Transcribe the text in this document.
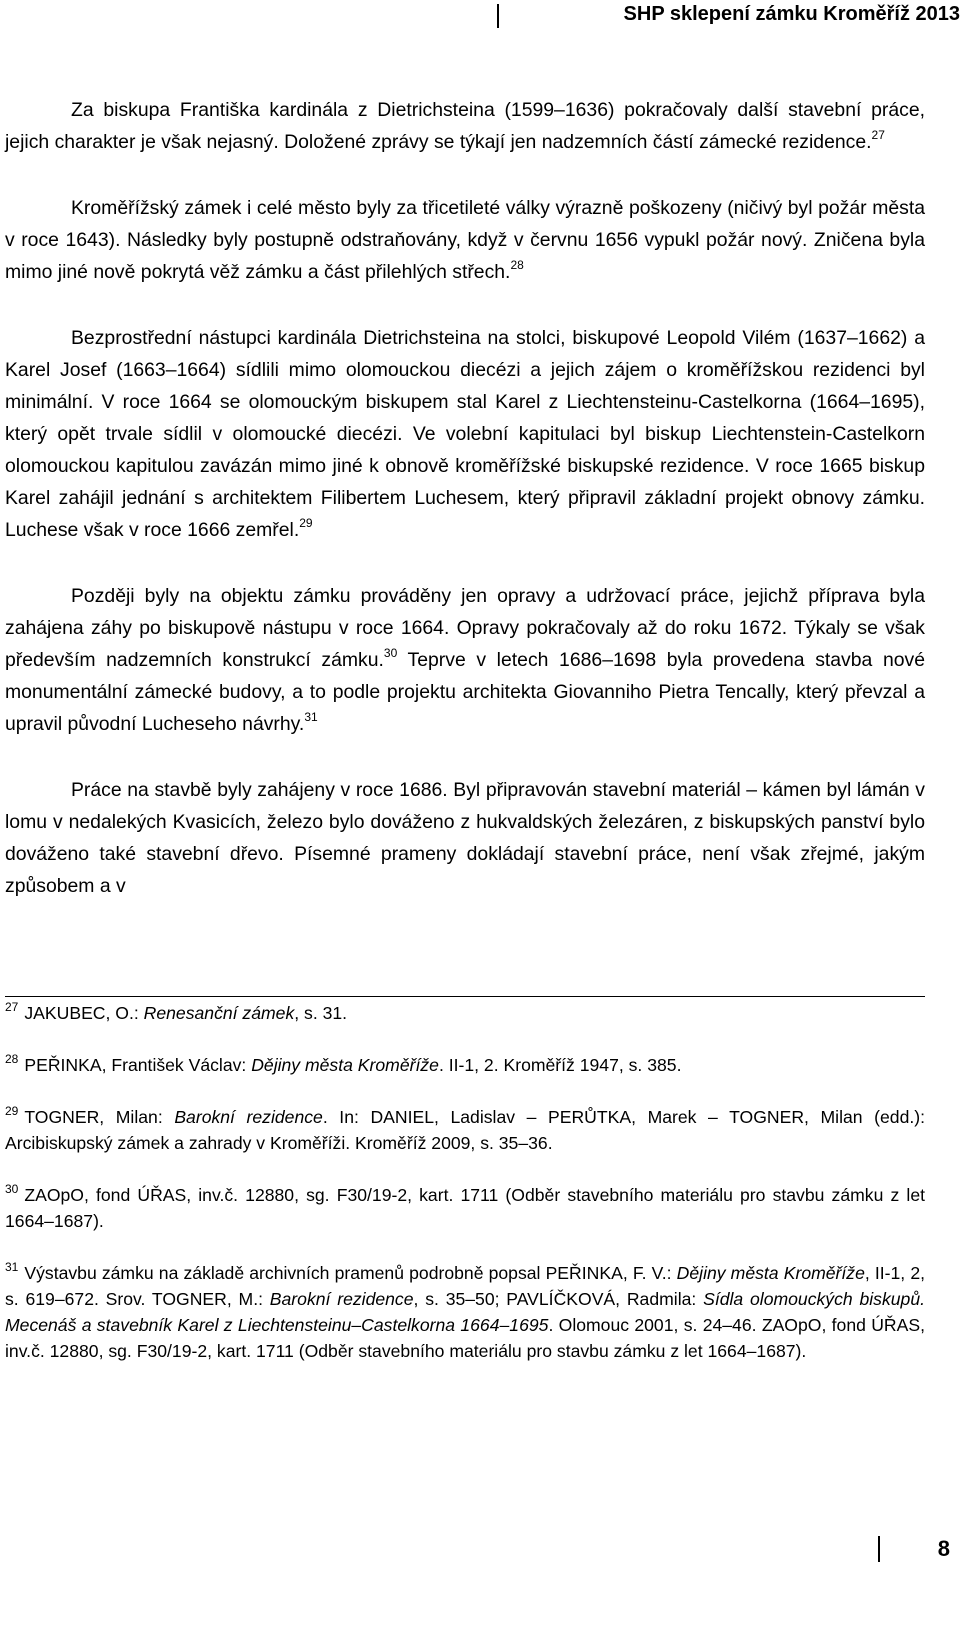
SHP sklepení zámku Kroměříž 2013

Za biskupa Františka kardinála z Dietrichsteina (1599–1636) pokračovaly další stavební práce, jejich charakter je však nejasný. Doložené zprávy se týkají jen nadzemních částí zámecké rezidence.$^{27}$

Kroměřížský zámek i celé město byly za třicetileté války výrazně poškozeny (ničivý byl požár města v roce 1643). Následky byly postupně odstraňovány, když v červnu 1656 vypukl požár nový. Zničena byla mimo jiné nově pokrytá věž zámku a část přilehlých střech.$^{28}$

Bezprostřední nástupci kardinála Dietrichsteina na stolci, biskupové Leopold Vilém (1637–1662) a Karel Josef (1663–1664) sídlili mimo olomouckou diecézi a jejich zájem o kroměřížskou rezidenci byl minimální. V roce 1664 se olomouckým biskupem stal Karel z Liechtensteinu-Castelkorna (1664–1695), který opět trvale sídlil v olomoucké diecézi. Ve volební kapitulaci byl biskup Liechtenstein-Castelkorn olomouckou kapitulou zavázán mimo jiné k obnově kroměřížské biskupské rezidence. V roce 1665 biskup Karel zahájil jednání s architektem Filibertem Luchesem, který připravil základní projekt obnovy zámku. Luchese však v roce 1666 zemřel.$^{29}$

Později byly na objektu zámku prováděny jen opravy a udržovací práce, jejichž příprava byla zahájena záhy po biskupově nástupu v roce 1664. Opravy pokračovaly až do roku 1672. Týkaly se však především nadzemních konstrukcí zámku.$^{30}$ Teprve v letech 1686–1698 byla provedena stavba nové monumentální zámecké budovy, a to podle projektu architekta Giovanniho Pietra Tencally, který převzal a upravil původní Lucheseho návrhy.$^{31}$

Práce na stavbě byly zahájeny v roce 1686. Byl připravován stavební materiál – kámen byl lámán v lomu v nedalekých Kvasicích, železo bylo dováženo z hukvaldských železáren, z biskupských panství bylo dováženo také stavební dřevo. Písemné prameny dokládají stavební práce, není však zřejmé, jakým způsobem a v

$^{27}$ JAKUBEC, O.: Renesanční zámek, s. 31.

$^{28}$ PEŘINKA, František Václav: Dějiny města Kroměříže. II-1, 2. Kroměříž 1947, s. 385.

$^{29}$ TOGNER, Milan: Barokní rezidence. In: DANIEL, Ladislav – PERŮTKA, Marek – TOGNER, Milan (edd.): Arcibiskupský zámek a zahrady v Kroměříži. Kroměříž 2009, s. 35–36.

$^{30}$ ZAOpO, fond ÚŘAS, inv.č. 12880, sg. F30/19-2, kart. 1711 (Odběr stavebního materiálu pro stavbu zámku z let 1664–1687).

$^{31}$ Výstavbu zámku na základě archivních pramenů podrobně popsal PEŘINKA, F. V.: Dějiny města Kroměříže, II-1, 2, s. 619–672. Srov. TOGNER, M.: Barokní rezidence, s. 35–50; PAVLÍČKOVÁ, Radmila: Sídla olomouckých biskupů. Mecenáš a stavebník Karel z Liechtensteinu–Castelkorna 1664–1695. Olomouc 2001, s. 24–46. ZAOpO, fond ÚŘAS, inv.č. 12880, sg. F30/19-2, kart. 1711 (Odběr stavebního materiálu pro stavbu zámku z let 1664–1687).

8
